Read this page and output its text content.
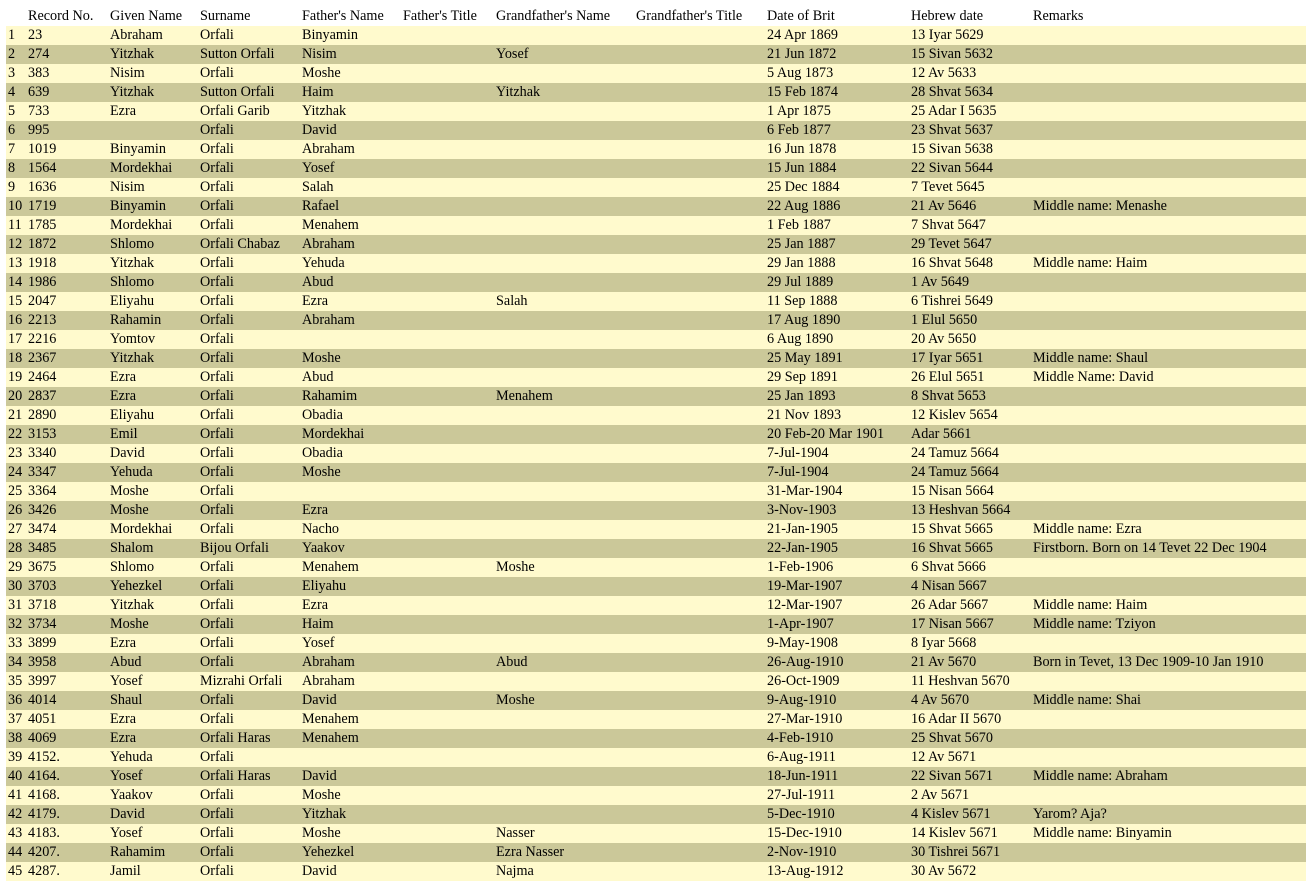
	Record No.	Given Name	Surname	Father's Name	Father's Title	Grandfather's Name	Grandfather's Title	Date of Brit	Hebrew date	Remarks
1	23	Abraham	Orfali	Binyamin				24 Apr 1869	13 Iyar 5629	
2	274	Yitzhak	Sutton Orfali	Nisim		Yosef		21 Jun 1872	15 Sivan 5632	
3	383	Nisim	Orfali	Moshe				5 Aug 1873	12 Av 5633	
4	639	Yitzhak	Sutton Orfali	Haim		Yitzhak		15 Feb 1874	28 Shvat 5634	
5	733	Ezra	Orfali Garib	Yitzhak				1 Apr 1875	25 Adar I 5635	
6	995		Orfali	David				6 Feb 1877	23 Shvat 5637	
7	1019	Binyamin	Orfali	Abraham				16 Jun 1878	15 Sivan 5638	
8	1564	Mordekhai	Orfali	Yosef				15 Jun 1884	22 Sivan 5644	
9	1636	Nisim	Orfali	Salah				25 Dec 1884	7 Tevet 5645	
10	1719	Binyamin	Orfali	Rafael				22 Aug 1886	21 Av 5646	Middle name: Menashe
11	1785	Mordekhai	Orfali	Menahem				1 Feb 1887	7 Shvat 5647	
12	1872	Shlomo	Orfali Chabaz	Abraham				25 Jan 1887	29 Tevet 5647	
13	1918	Yitzhak	Orfali	Yehuda				29 Jan 1888	16 Shvat 5648	Middle name: Haim
14	1986	Shlomo	Orfali	Abud				29 Jul 1889	1 Av 5649	
15	2047	Eliyahu	Orfali	Ezra		Salah		11 Sep 1888	6 Tishrei 5649	
16	2213	Rahamin	Orfali	Abraham				17 Aug 1890	1 Elul 5650	
17	2216	Yomtov	Orfali					6 Aug 1890	20 Av 5650	
18	2367	Yitzhak	Orfali	Moshe				25 May 1891	17 Iyar 5651	Middle name: Shaul
19	2464	Ezra	Orfali	Abud				29 Sep 1891	26 Elul 5651	Middle Name: David
20	2837	Ezra	Orfali	Rahamim		Menahem		25 Jan 1893	8 Shvat 5653	
21	2890	Eliyahu	Orfali	Obadia				21 Nov 1893	12 Kislev 5654	
22	3153	Emil	Orfali	Mordekhai				20 Feb-20 Mar 1901	Adar 5661	
23	3340	David	Orfali	Obadia				7-Jul-1904	24 Tamuz 5664	
24	3347	Yehuda	Orfali	Moshe				7-Jul-1904	24 Tamuz 5664	
25	3364	Moshe	Orfali					31-Mar-1904	15 Nisan 5664	
26	3426	Moshe	Orfali	Ezra				3-Nov-1903	13 Heshvan 5664	
27	3474	Mordekhai	Orfali	Nacho				21-Jan-1905	15 Shvat 5665	Middle name: Ezra
28	3485	Shalom	Bijou Orfali	Yaakov				22-Jan-1905	16 Shvat 5665	Firstborn. Born on 14 Tevet 22 Dec 1904
29	3675	Shlomo	Orfali	Menahem		Moshe		1-Feb-1906	6 Shvat 5666	
30	3703	Yehezkel	Orfali	Eliyahu				19-Mar-1907	4 Nisan 5667	
31	3718	Yitzhak	Orfali	Ezra				12-Mar-1907	26 Adar 5667	Middle name: Haim
32	3734	Moshe	Orfali	Haim				1-Apr-1907	17 Nisan 5667	Middle name: Tziyon
33	3899	Ezra	Orfali	Yosef				9-May-1908	8 Iyar 5668	
34	3958	Abud	Orfali	Abraham		Abud		26-Aug-1910	21 Av 5670	Born in Tevet, 13 Dec 1909-10 Jan 1910
35	3997	Yosef	Mizrahi Orfali	Abraham				26-Oct-1909	11 Heshvan 5670	
36	4014	Shaul	Orfali	David		Moshe		9-Aug-1910	4 Av 5670	Middle name: Shai
37	4051	Ezra	Orfali	Menahem				27-Mar-1910	16 Adar II 5670	
38	4069	Ezra	Orfali Haras	Menahem				4-Feb-1910	25 Shvat 5670	
39	4152.	Yehuda	Orfali					6-Aug-1911	12 Av 5671	
40	4164.	Yosef	Orfali Haras	David				18-Jun-1911	22 Sivan 5671	Middle name: Abraham
41	4168.	Yaakov	Orfali	Moshe				27-Jul-1911	2 Av 5671	
42	4179.	David	Orfali	Yitzhak				5-Dec-1910	4 Kislev 5671	Yarom? Aja?
43	4183.	Yosef	Orfali	Moshe		Nasser		15-Dec-1910	14 Kislev 5671	Middle name: Binyamin
44	4207.	Rahamim	Orfali	Yehezkel		Ezra Nasser		2-Nov-1910	30 Tishrei 5671	
45	4287.	Jamil	Orfali	David		Najma		13-Aug-1912	30 Av 5672	
